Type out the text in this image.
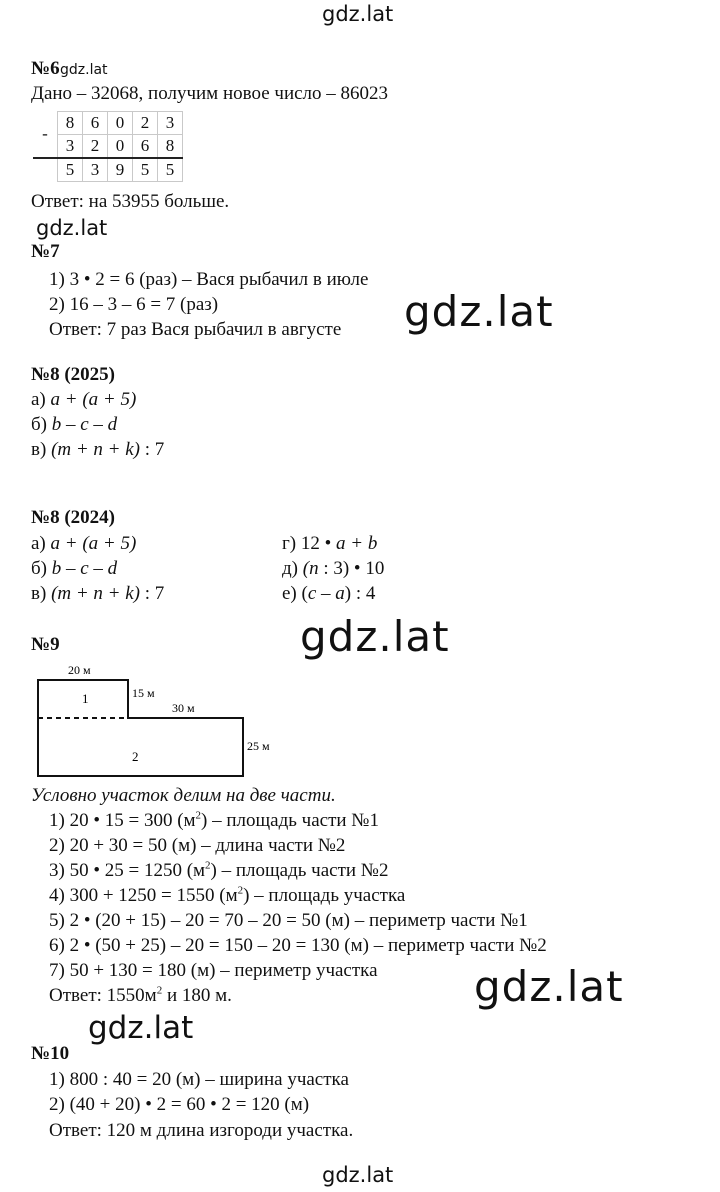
gdz.lat
№6 gdz.lat
Дано – 32068, получим новое число – 86023
-	8	6	0	2	3
	3	2	0	6	8
	5	3	9	5	5
Ответ: на 53955 больше.
gdz.lat
№7
1) 3 • 2 = 6 (раз) – Вася рыбачил в июле
2) 16 – 3 – 6 = 7 (раз)
Ответ: 7 раз Вася рыбачил в августе gdz.lat
№8 (2025)
а) a + (a + 5)
б) b – c – d
в) (m + n + k) : 7
№8 (2024)
а) a + (a + 5)
б) b – c – d
в) (m + n + k) : 7
г) 12 • a + b
д) (n : 3) • 10
е) (c – a) : 4
№9	gdz.lat
20 м
15 м
30 м
25 м
1
2
Условно участок делим на две части.
1) 20 • 15 = 300 $(м^2)$ – площадь части №1
2) 20 + 30 = 50 (м) – длина части №2
3) 50 • 25 = 1250 $(м^2)$ – площадь части №2
4) 300 + 1250 = 1550 $(м^2)$ – площадь участка
5) 2 • (20 + 15) – 20 = 70 – 20 = 50 (м) – периметр части №1
6) 2 • (50 + 25) – 20 = 150 – 20 = 130 (м) – периметр части №2
7) 50 + 130 = 180 (м) – периметр участка
Ответ: $1550м^2$ и 180 м.	gdz.lat
gdz.lat
№10
1) 800 : 40 = 20 (м) – ширина участка
2) (40 + 20) • 2 = 60 • 2 = 120 (м)
Ответ: 120 м длина изгороди участка.
gdz.lat
